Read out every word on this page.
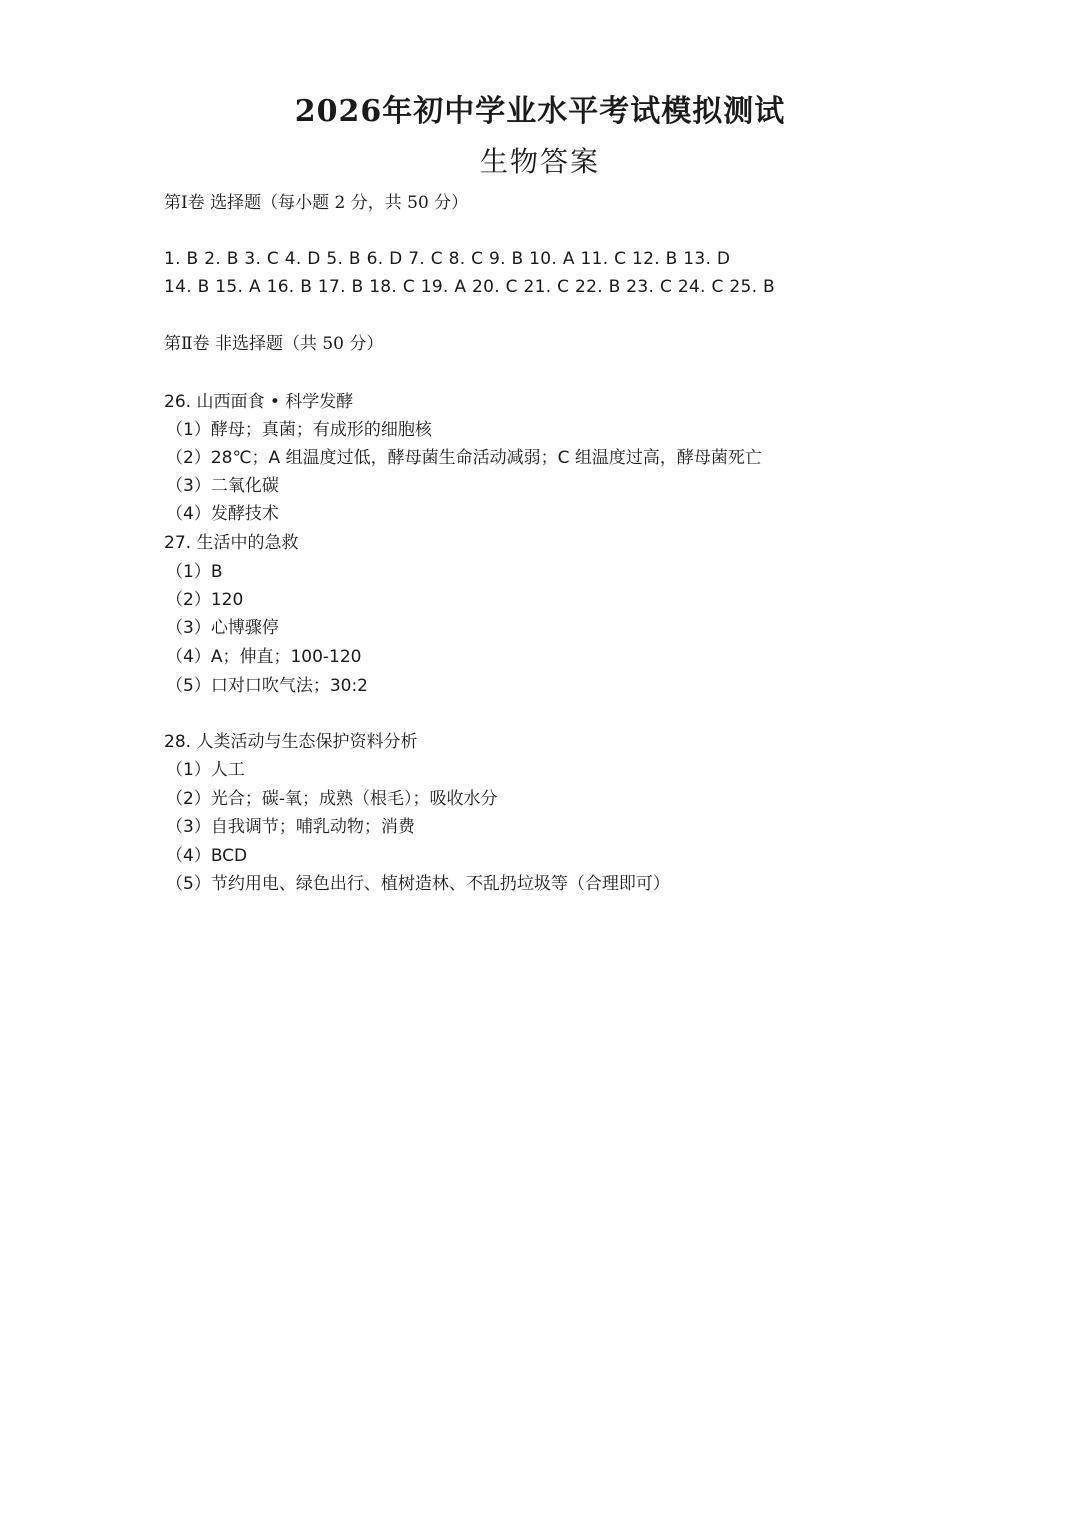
2026年初中学业水平考试模拟测试
生物答案
第Ⅰ卷 选择题（每小题 2 分，共 50 分）
1. B 2. B 3. C 4. D 5. B 6. D 7. C 8. C 9. B 10. A 11. C 12. B 13. D
14. B 15. A 16. B 17. B 18. C 19. A 20. C 21. C 22. B 23. C 24. C 25. B
第Ⅱ卷 非选择题（共 50 分）
26. 山西面食 • 科学发酵
（1）酵母；真菌；有成形的细胞核
（2）28℃；A 组温度过低，酵母菌生命活动减弱；C 组温度过高，酵母菌死亡
（3）二氧化碳
（4）发酵技术
27. 生活中的急救
（1）B
（2）120
（3）心博骤停
（4）A；伸直；100-120
（5）口对口吹气法；30:2
28. 人类活动与生态保护资料分析
（1）人工
（2）光合；碳-氧；成熟（根毛）；吸收水分
（3）自我调节；哺乳动物；消费
（4）BCD
（5）节约用电、绿色出行、植树造林、不乱扔垃圾等（合理即可）
